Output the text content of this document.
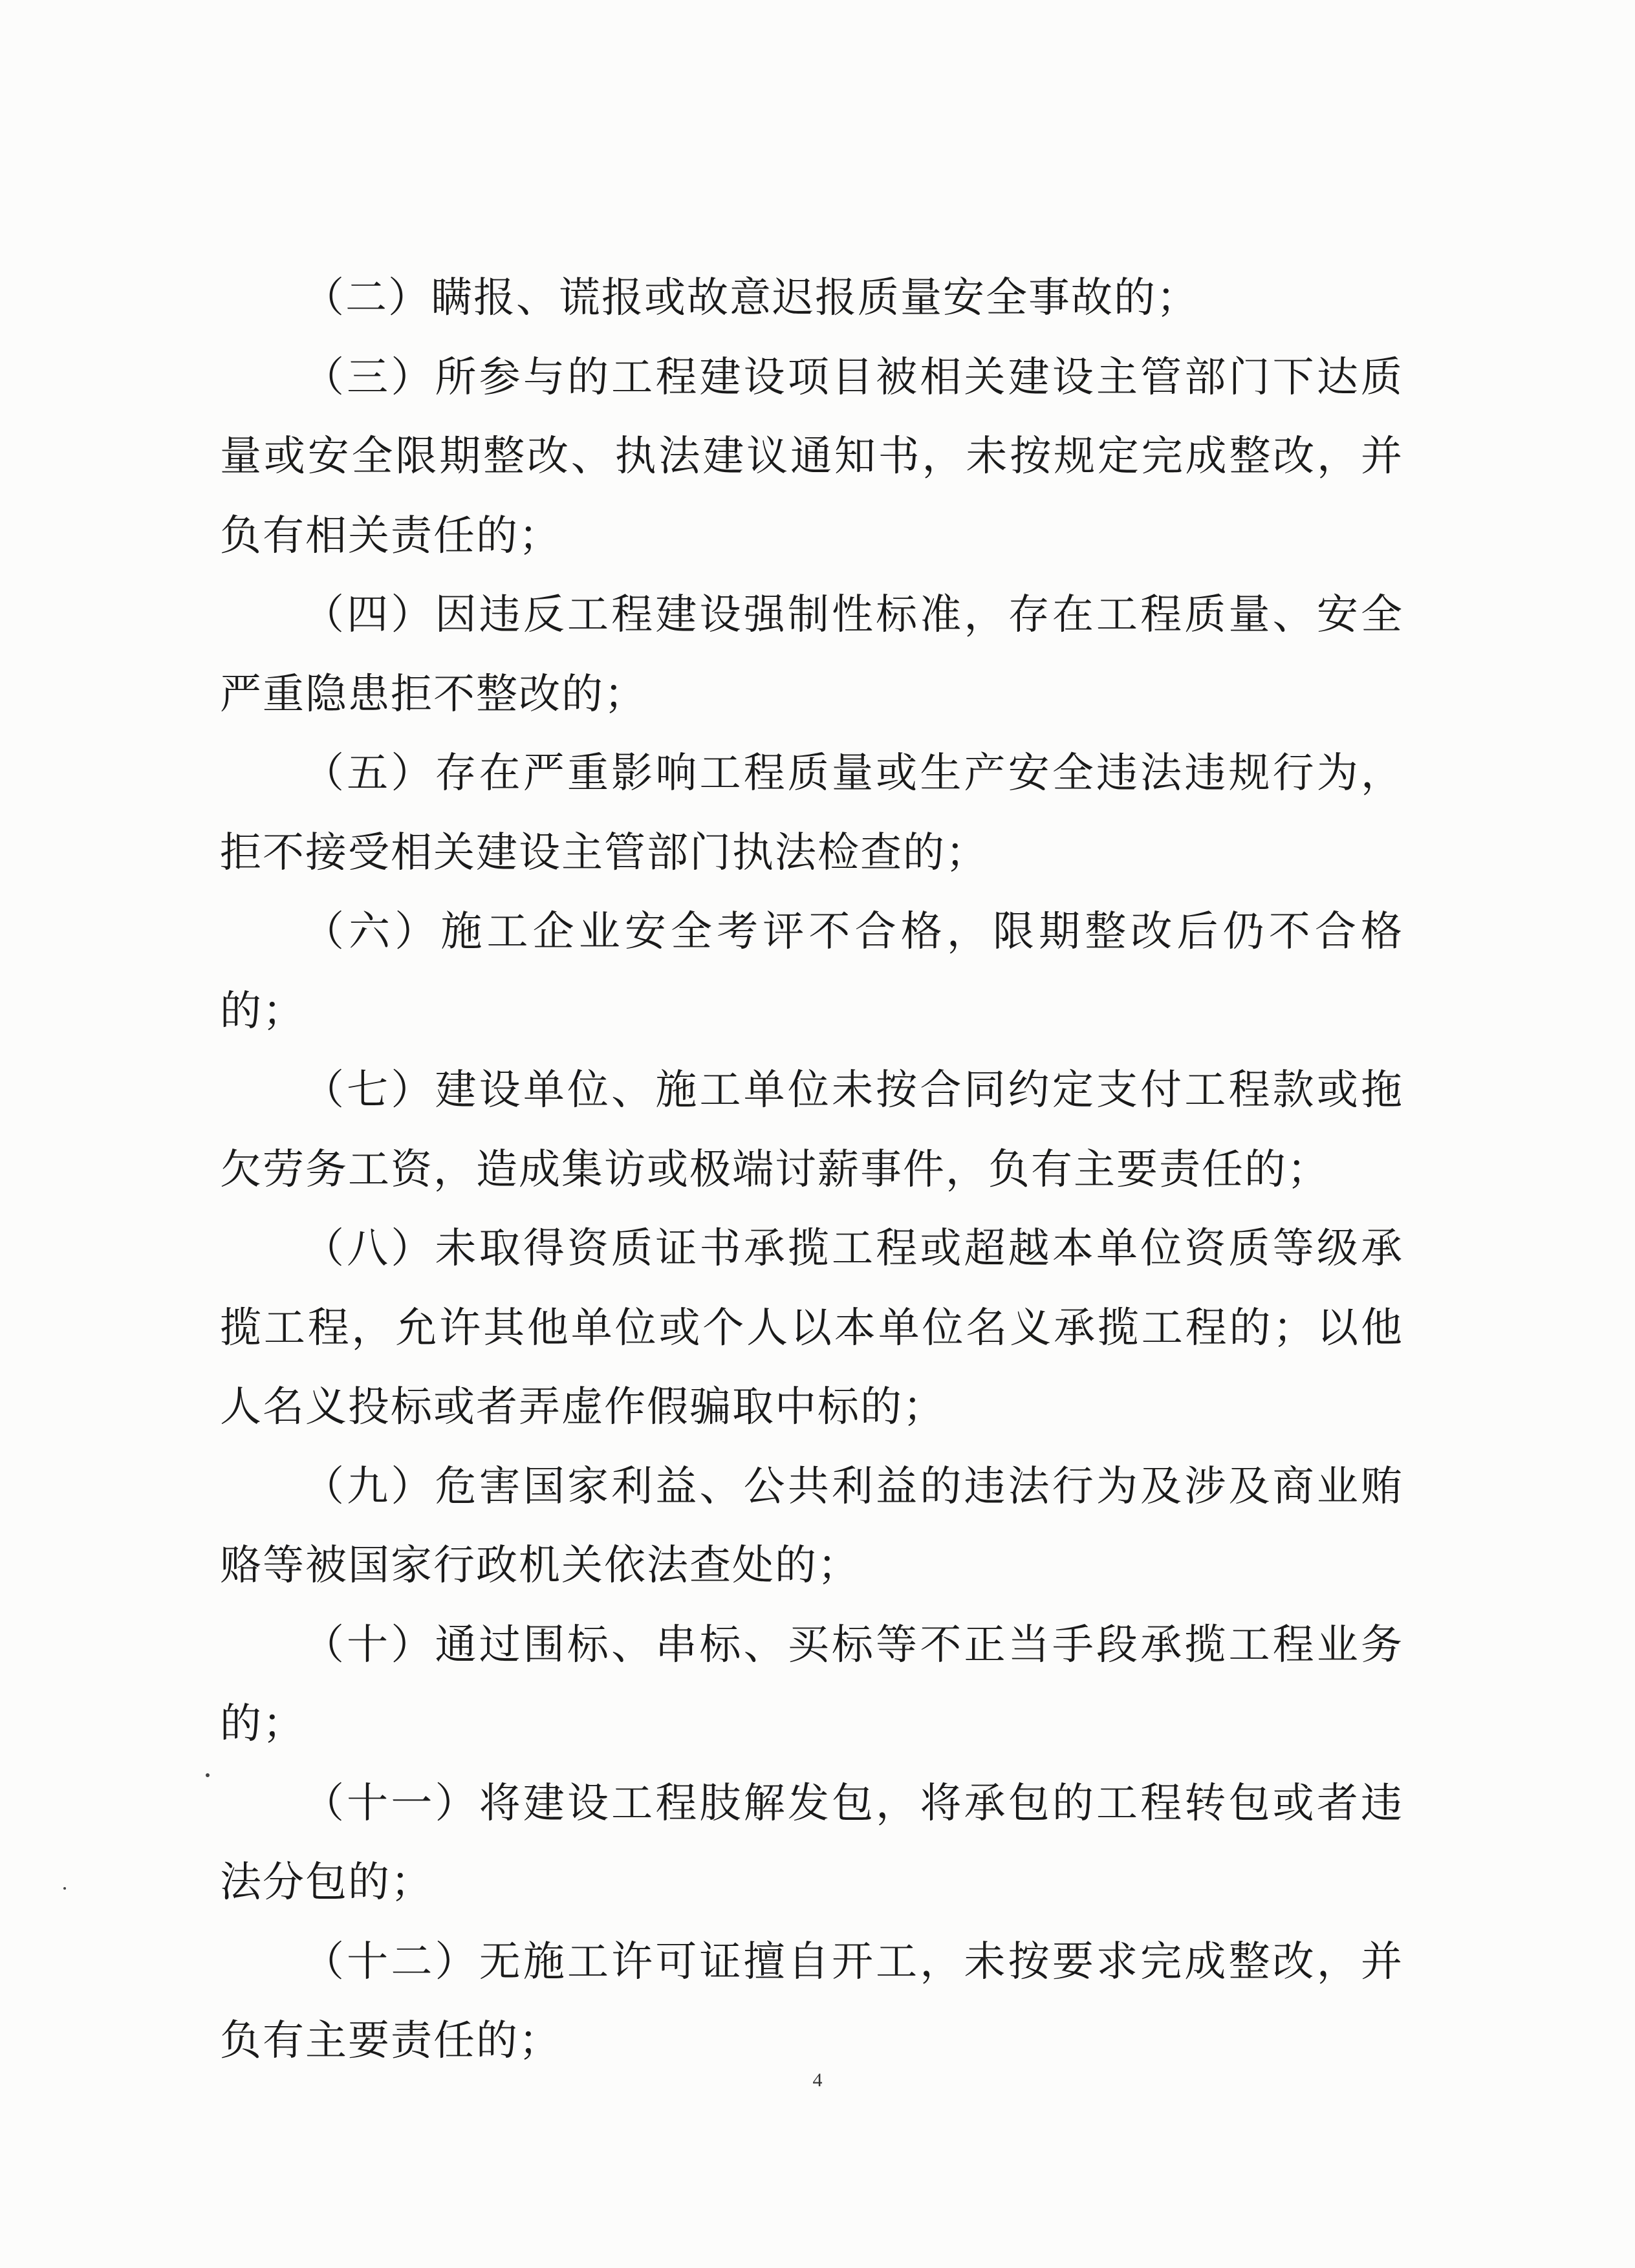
（二）瞒报、谎报或故意迟报质量安全事故的；

（三）所参与的工程建设项目被相关建设主管部门下达质量或安全限期整改、执法建议通知书，未按规定完成整改，并负有相关责任的；

（四）因违反工程建设强制性标准，存在工程质量、安全严重隐患拒不整改的；

（五）存在严重影响工程质量或生产安全违法违规行为，拒不接受相关建设主管部门执法检查的；

（六）施工企业安全考评不合格，限期整改后仍不合格的；

（七）建设单位、施工单位未按合同约定支付工程款或拖欠劳务工资，造成集访或极端讨薪事件，负有主要责任的；

（八）未取得资质证书承揽工程或超越本单位资质等级承揽工程，允许其他单位或个人以本单位名义承揽工程的；以他人名义投标或者弄虚作假骗取中标的；

（九）危害国家利益、公共利益的违法行为及涉及商业贿赂等被国家行政机关依法查处的；

（十）通过围标、串标、买标等不正当手段承揽工程业务的；

（十一）将建设工程肢解发包，将承包的工程转包或者违法分包的；

（十二）无施工许可证擅自开工，未按要求完成整改，并负有主要责任的；

4
